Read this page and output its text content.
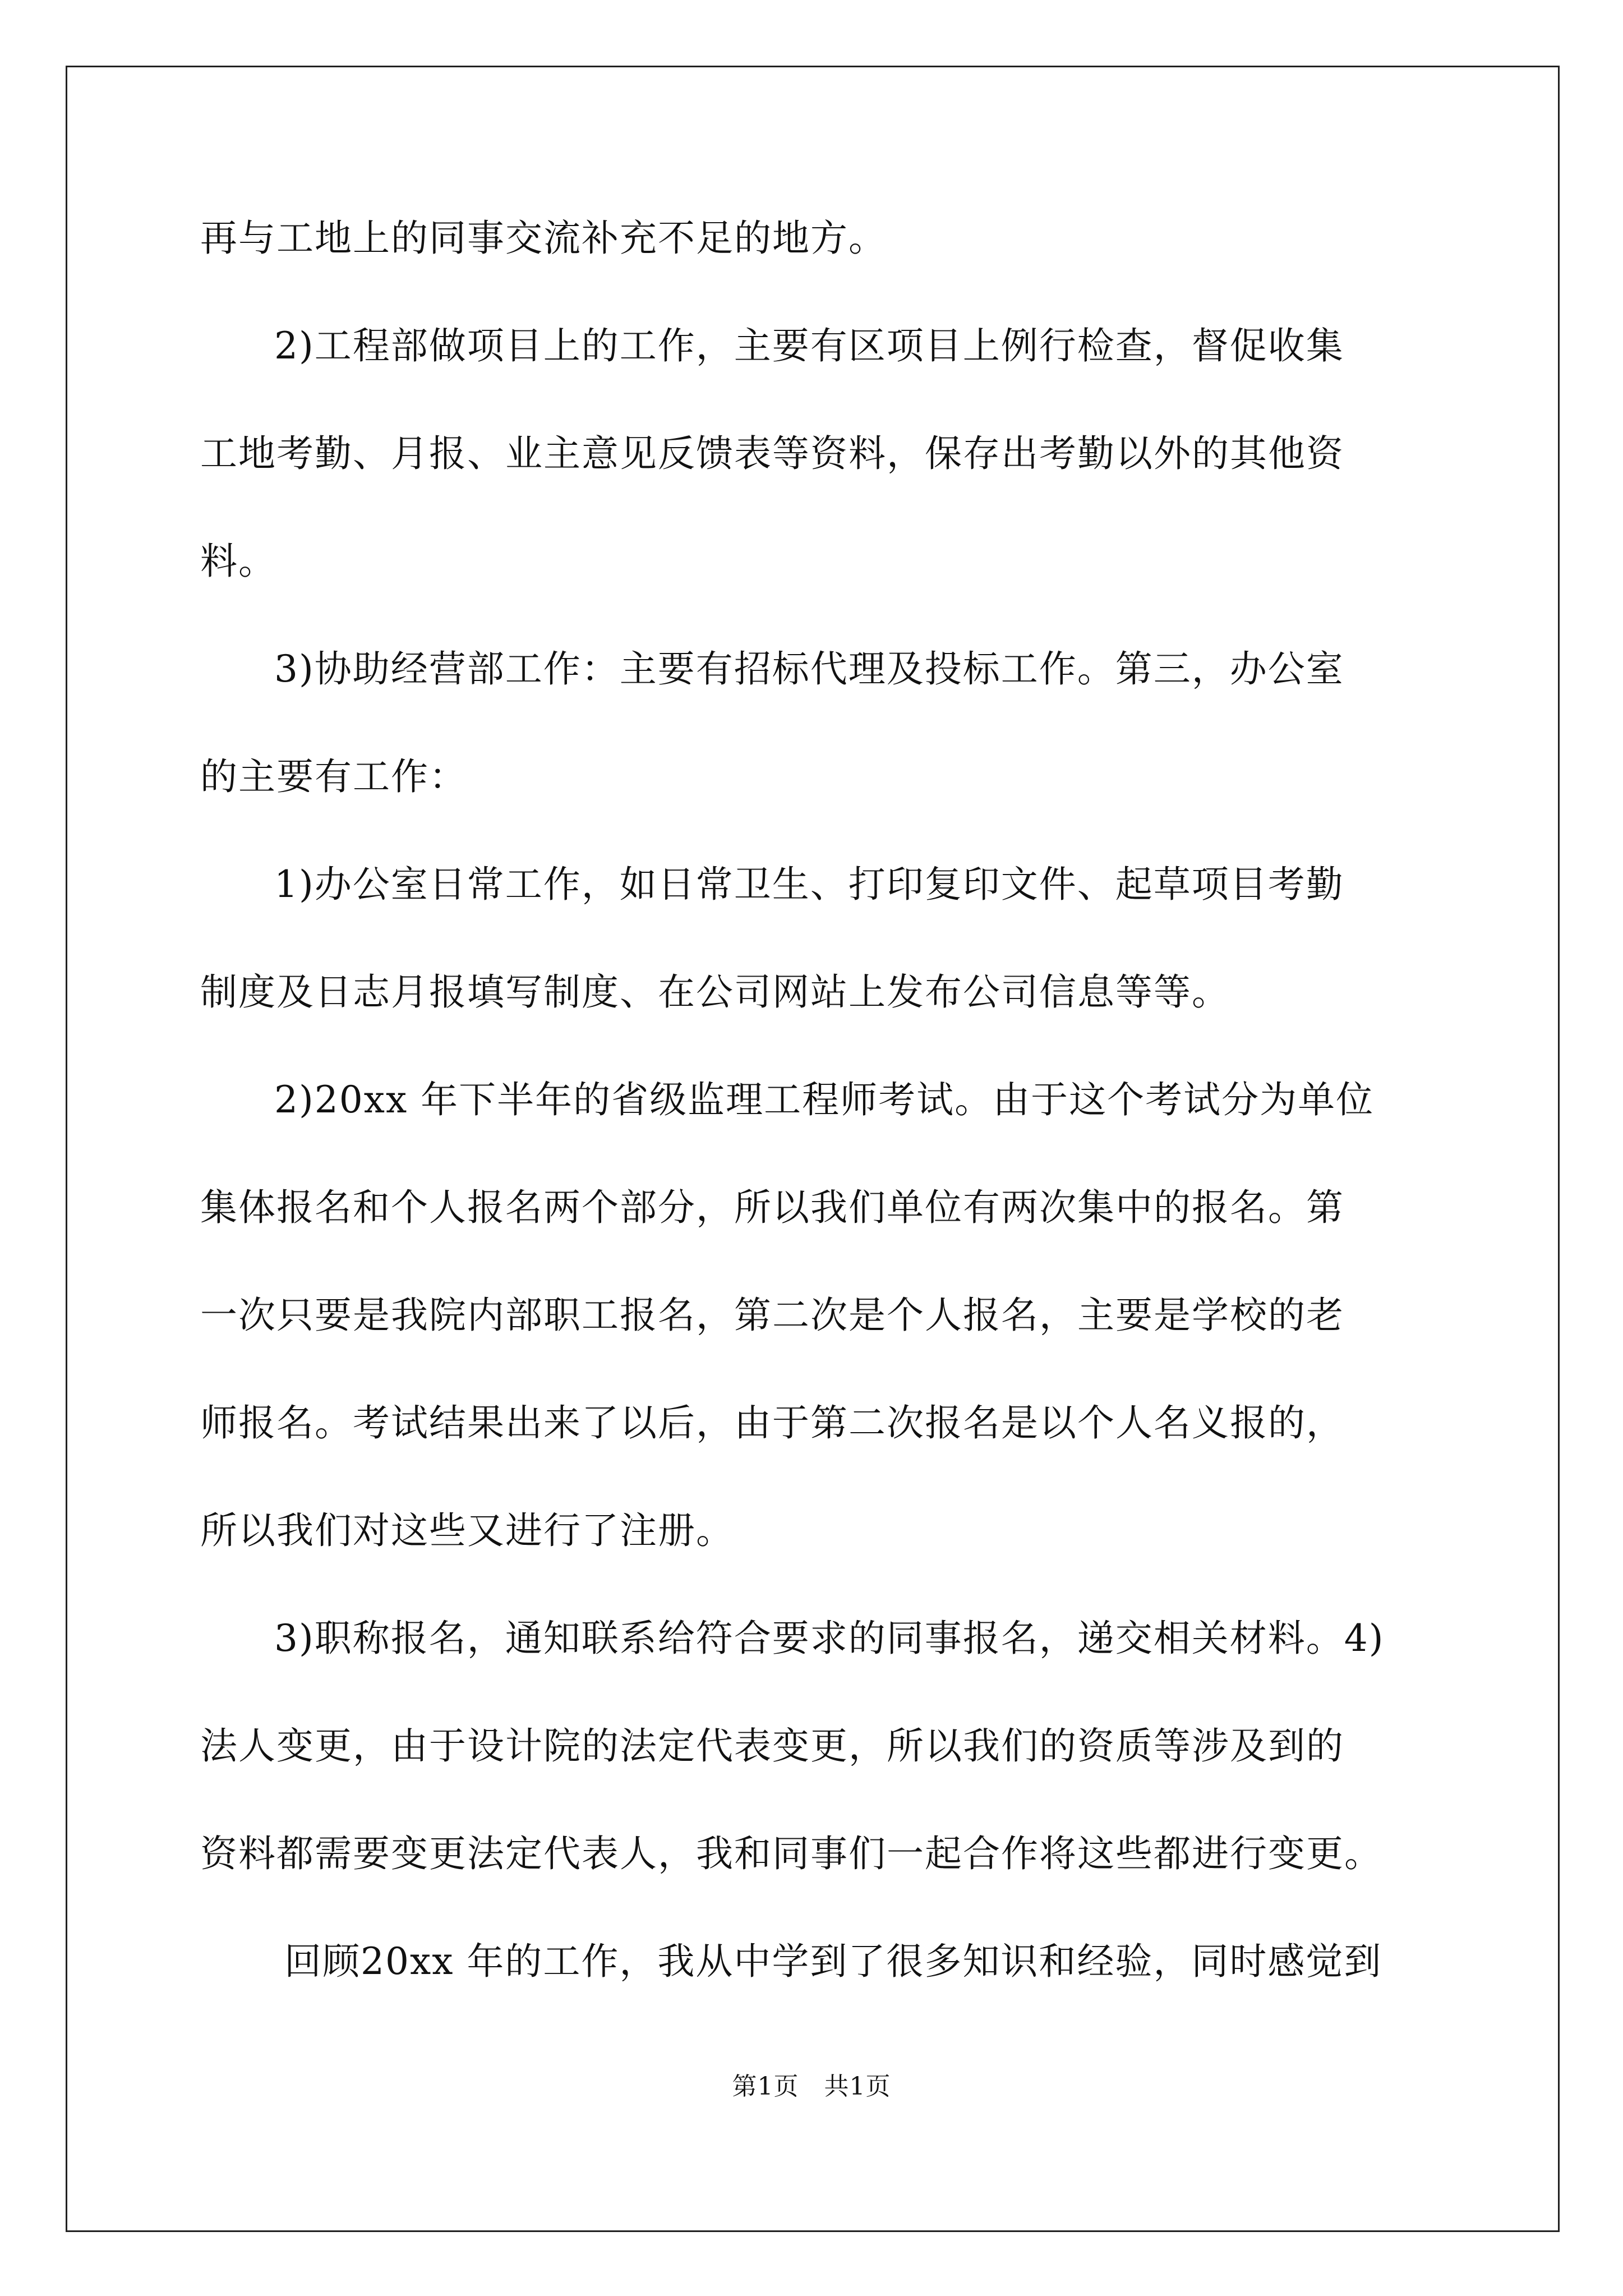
再与工地上的同事交流补充不足的地方。
2)工程部做项目上的工作，主要有区项目上例行检查，督促收集
工地考勤、月报、业主意见反馈表等资料，保存出考勤以外的其他资
料。
3)协助经营部工作：主要有招标代理及投标工作。第三，办公室
的主要有工作：
1)办公室日常工作，如日常卫生、打印复印文件、起草项目考勤
制度及日志月报填写制度、在公司网站上发布公司信息等等。
2)20xx 年下半年的省级监理工程师考试。由于这个考试分为单位
集体报名和个人报名两个部分，所以我们单位有两次集中的报名。第
一次只要是我院内部职工报名，第二次是个人报名，主要是学校的老
师报名。考试结果出来了以后，由于第二次报名是以个人名义报的，
所以我们对这些又进行了注册。
3)职称报名，通知联系给符合要求的同事报名，递交相关材料。4)
法人变更，由于设计院的法定代表变更，所以我们的资质等涉及到的
资料都需要变更法定代表人，我和同事们一起合作将这些都进行变更。
回顾20xx 年的工作，我从中学到了很多知识和经验，同时感觉到
第1页　共1页
